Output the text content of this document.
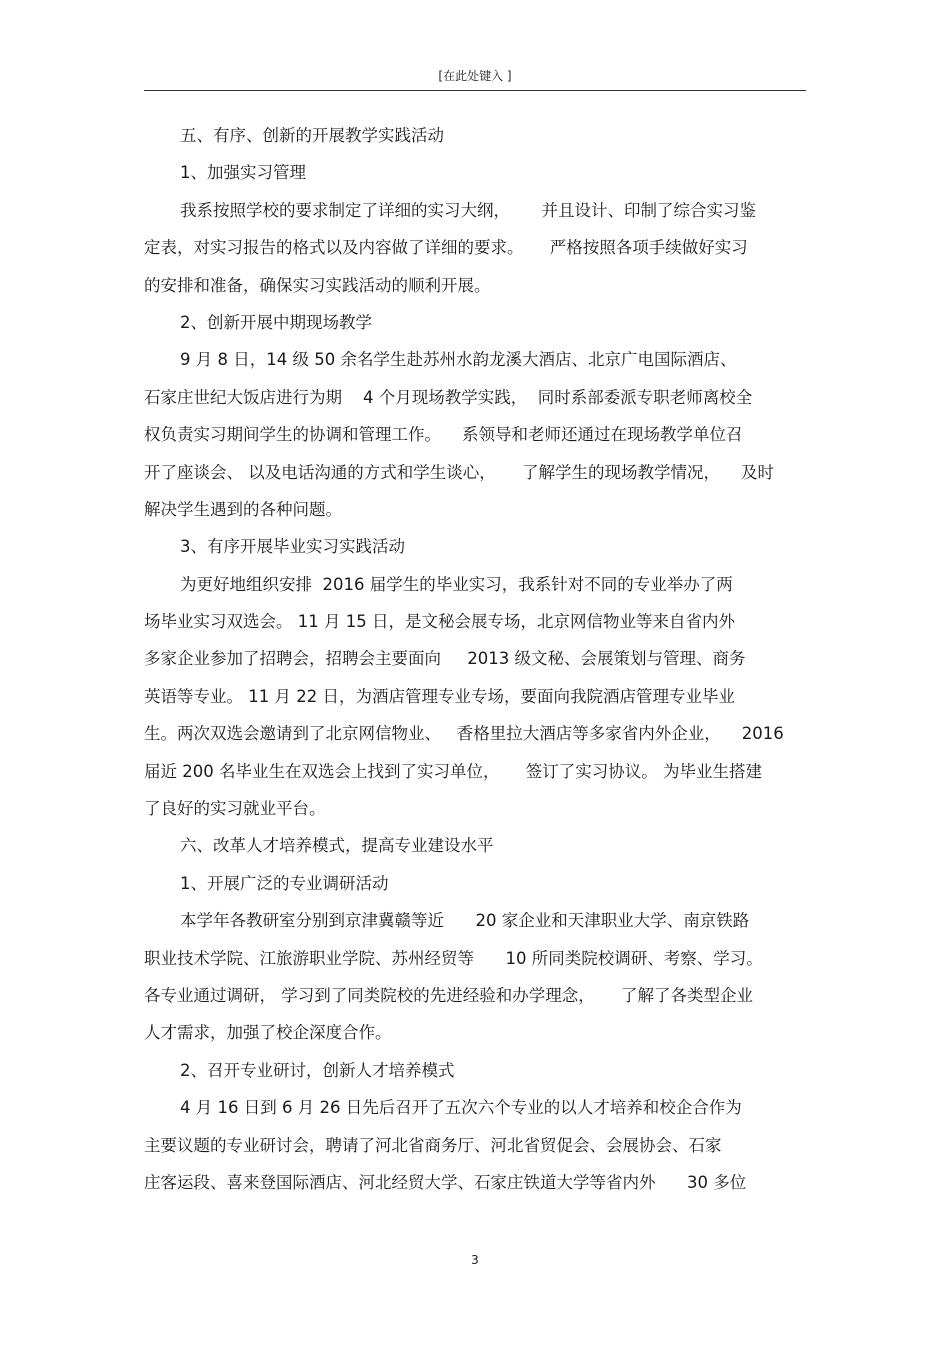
[在此处键入 ]
五、有序、创新的开展教学实践活动
1、加强实习管理
我系按照学校的要求制定了详细的实习大纲，      并且设计、印制了综合实习鉴
定表，对实习报告的格式以及内容做了详细的要求。     严格按照各项手续做好实习
的安排和准备，确保实习实践活动的顺利开展。
2、创新开展中期现场教学
9 月 8 日，14 级 50 余名学生赴苏州水韵龙溪大酒店、北京广电国际酒店、
石家庄世纪大饭店进行为期    4 个月现场教学实践，  同时系部委派专职老师离校全
权负责实习期间学生的协调和管理工作。    系领导和老师还通过在现场教学单位召
开了座谈会、 以及电话沟通的方式和学生谈心，     了解学生的现场教学情况，    及时
解决学生遇到的各种问题。
3、有序开展毕业实习实践活动
为更好地组织安排  2016 届学生的毕业实习，我系针对不同的专业举办了两
场毕业实习双选会。 11 月 15 日，是文秘会展专场，北京网信物业等来自省内外
多家企业参加了招聘会，招聘会主要面向     2013 级文秘、会展策划与管理、商务
英语等专业。 11 月 22 日，为酒店管理专业专场，要面向我院酒店管理专业毕业
生。两次双选会邀请到了北京网信物业、   香格里拉大酒店等多家省内外企业，    2016
届近 200 名毕业生在双选会上找到了实习单位，     签订了实习协议。 为毕业生搭建
了良好的实习就业平台。
六、改革人才培养模式，提高专业建设水平
1、开展广泛的专业调研活动
本学年各教研室分别到京津冀赣等近      20 家企业和天津职业大学、南京铁路
职业技术学院、江旅游职业学院、苏州经贸等      10 所同类院校调研、考察、学习。
各专业通过调研， 学习到了同类院校的先进经验和办学理念，     了解了各类型企业
人才需求，加强了校企深度合作。
2、召开专业研讨，创新人才培养模式
4 月 16 日到 6 月 26 日先后召开了五次六个专业的以人才培养和校企合作为
主要议题的专业研讨会，聘请了河北省商务厅、河北省贸促会、会展协会、石家
庄客运段、喜来登国际酒店、河北经贸大学、石家庄铁道大学等省内外      30 多位
3
